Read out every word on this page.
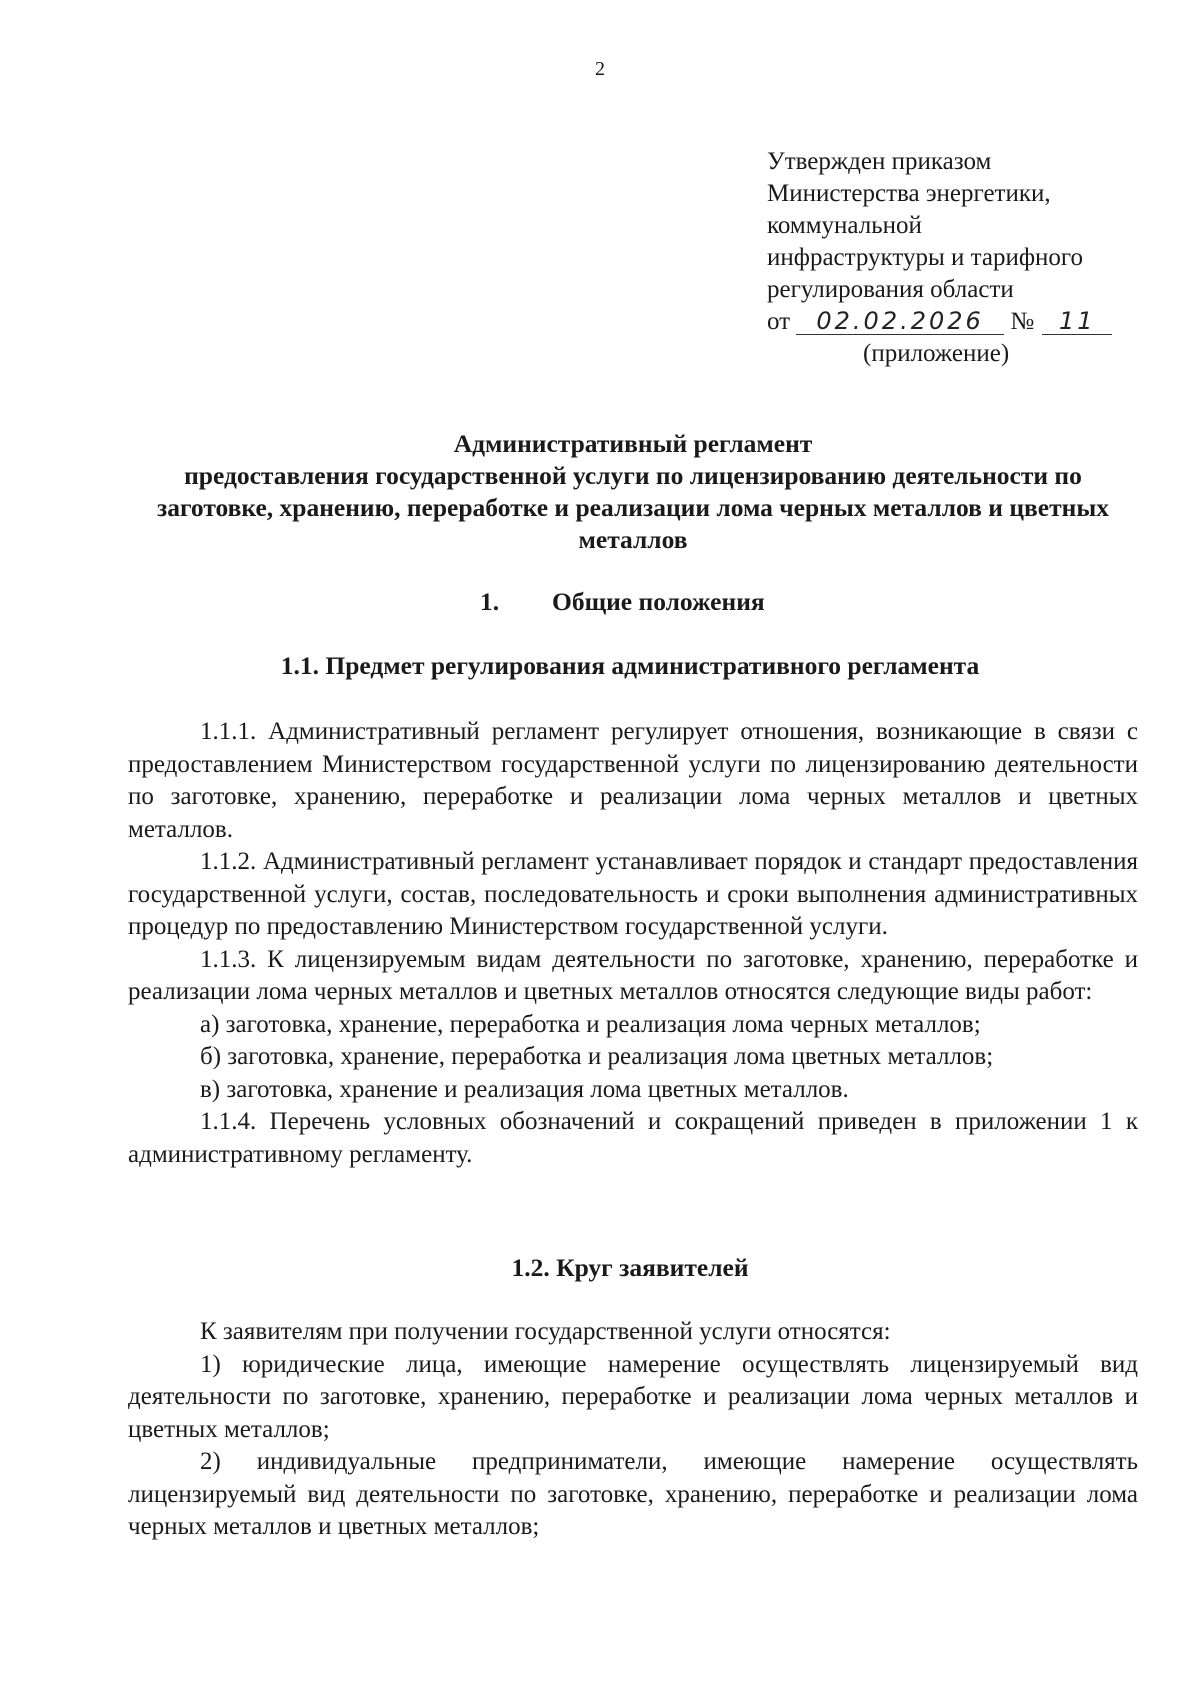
2
Утвержден приказом
Министерства энергетики,
коммунальной
инфраструктуры и тарифного
регулирования области
от 02.02.2026 № 11
(приложение)
Административный регламент
предоставления государственной услуги по лицензированию деятельности по заготовке, хранению, переработке и реализации лома черных металлов и цветных металлов
1. Общие положения
1.1. Предмет регулирования административного регламента

1.1.1. Административный регламент регулирует отношения, возникающие в связи с предоставлением Министерством государственной услуги по лицензированию деятельности по заготовке, хранению, переработке и реализации лома черных металлов и цветных металлов.

1.1.2. Административный регламент устанавливает порядок и стандарт предоставления государственной услуги, состав, последовательность и сроки выполнения административных процедур по предоставлению Министерством государственной услуги.

1.1.3. К лицензируемым видам деятельности по заготовке, хранению, переработке и реализации лома черных металлов и цветных металлов относятся следующие виды работ:

а) заготовка, хранение, переработка и реализация лома черных металлов;

б) заготовка, хранение, переработка и реализация лома цветных металлов;

в) заготовка, хранение и реализация лома цветных металлов.

1.1.4. Перечень условных обозначений и сокращений приведен в приложении 1 к административному регламенту.

1.2. Круг заявителей

К заявителям при получении государственной услуги относятся:

1) юридические лица, имеющие намерение осуществлять лицензируемый вид деятельности по заготовке, хранению, переработке и реализации лома черных металлов и цветных металлов;

2) индивидуальные предприниматели, имеющие намерение осуществлять лицензируемый вид деятельности по заготовке, хранению, переработке и реализации лома черных металлов и цветных металлов;
